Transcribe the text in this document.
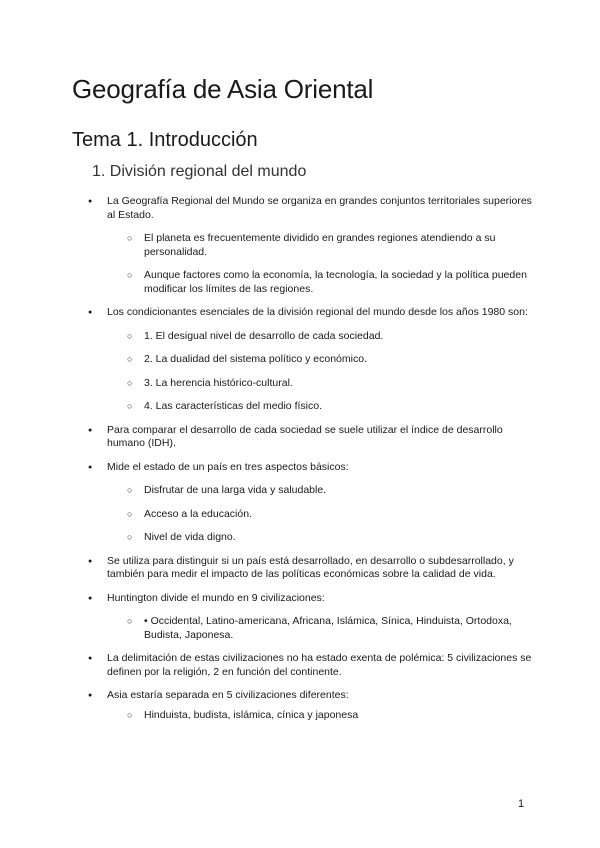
Geografía de Asia Oriental
Tema 1. Introducción
1. División regional del mundo
● La Geografía Regional del Mundo se organiza en grandes conjuntos territoriales superiores al Estado.
○ El planeta es frecuentemente dividido en grandes regiones atendiendo a su personalidad.
○ Aunque factores como la economía, la tecnología, la sociedad y la política pueden modificar los límites de las regiones.
● Los condicionantes esenciales de la división regional del mundo desde los años 1980 son:
○ 1. El desigual nivel de desarrollo de cada sociedad.
○ 2. La dualidad del sistema político y económico.
○ 3. La herencia histórico-cultural.
○ 4. Las características del medio físico.
● Para comparar el desarrollo de cada sociedad se suele utilizar el índice de desarrollo humano (IDH).
● Mide el estado de un país en tres aspectos básicos:
○ Disfrutar de una larga vida y saludable.
○ Acceso a la educación.
○ Nivel de vida digno.
● Se utiliza para distinguir si un país está desarrollado, en desarrollo o subdesarrollado, y también para medir el impacto de las políticas económicas sobre la calidad de vida.
● Huntington divide el mundo en 9 civilizaciones:
○ • Occidental, Latino-americana, Africana, Islámica, Sínica, Hinduista, Ortodoxa, Budista, Japonesa.
● La delimitación de estas civilizaciones no ha estado exenta de polémica: 5 civilizaciones se definen por la religión, 2 en función del continente.
● Asia estaría separada en 5 civilizaciones diferentes:
○ Hinduista, budista, islámica, cínica y japonesa
1
